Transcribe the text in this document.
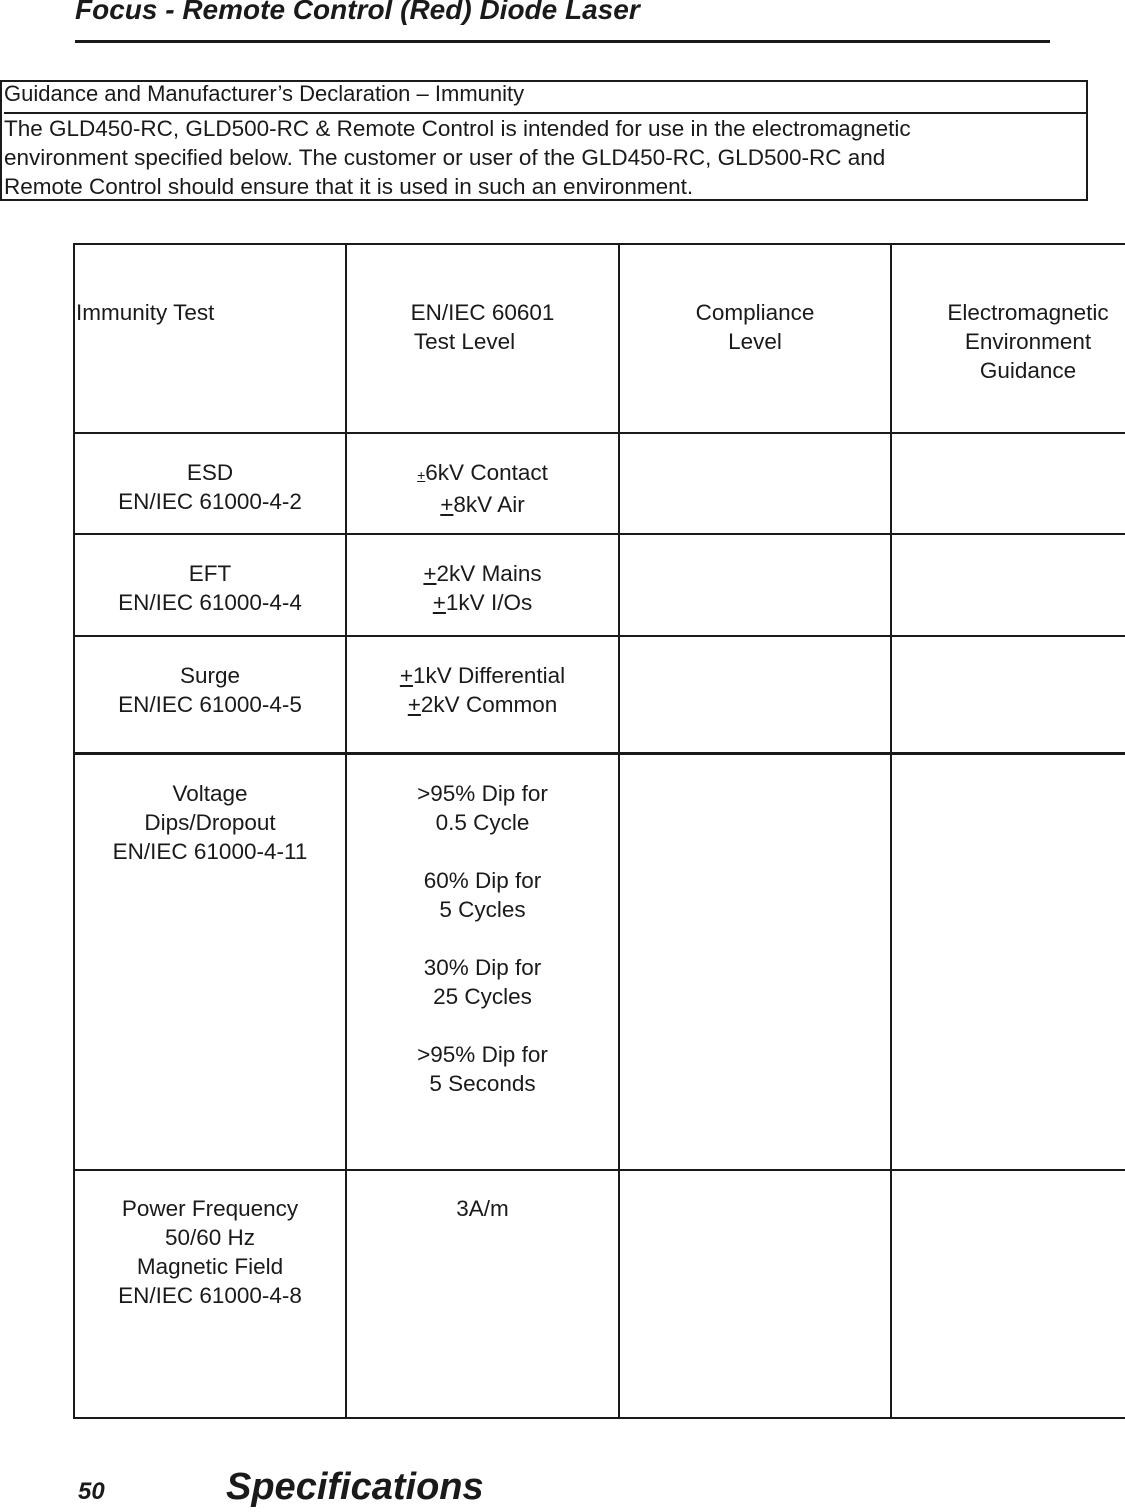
Focus - Remote Control (Red) Diode Laser
Guidance and Manufacturer’s Declaration – Immunity
The GLD450-RC, GLD500-RC & Remote Control is intended for use in the electromagnetic
environment specified below. The customer or user of the GLD450-RC, GLD500-RC and
Remote Control should ensure that it is used in such an environment.
Immunity Test	EN/IEC 60601
Test Level
Compliance
Level
Electromagnetic
Environment
Guidance
ESD
EN/IEC 61000-4-2
+6kV Contact
+8kV Air
EFT
EN/IEC 61000-4-4
+2kV Mains
+1kV I/Os
Surge
EN/IEC 61000-4-5
+1kV Differential
+2kV Common
Voltage
Dips/Dropout
EN/IEC 61000-4-11
>95% Dip for
0.5 Cycle
60% Dip for
5 Cycles
30% Dip for
25 Cycles
>95% Dip for
5 Seconds
Power Frequency
50/60 Hz
Magnetic Field
EN/IEC 61000-4-8
3A/m
50	Specifications
